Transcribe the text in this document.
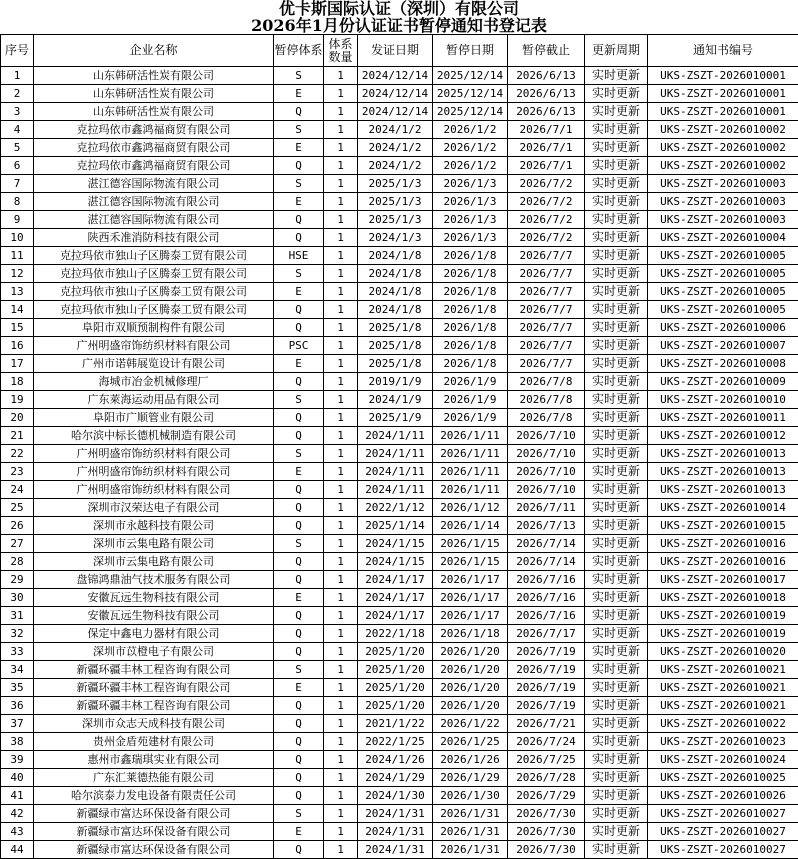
优卡斯国际认证（深圳）有限公司
2026年1月份认证证书暂停通知书登记表
序号	企业名称	暂停体系	体系数量	发证日期	暂停日期	暂停截止	更新周期	通知书编号
1	山东韩研活性炭有限公司	S	1	2024/12/14	2025/12/14	2026/6/13	实时更新	UKS-ZSZT-2026010001
2	山东韩研活性炭有限公司	E	1	2024/12/14	2025/12/14	2026/6/13	实时更新	UKS-ZSZT-2026010001
3	山东韩研活性炭有限公司	Q	1	2024/12/14	2025/12/14	2026/6/13	实时更新	UKS-ZSZT-2026010001
4	克拉玛依市鑫鸿福商贸有限公司	S	1	2024/1/2	2026/1/2	2026/7/1	实时更新	UKS-ZSZT-2026010002
5	克拉玛依市鑫鸿福商贸有限公司	E	1	2024/1/2	2026/1/2	2026/7/1	实时更新	UKS-ZSZT-2026010002
6	克拉玛依市鑫鸿福商贸有限公司	Q	1	2024/1/2	2026/1/2	2026/7/1	实时更新	UKS-ZSZT-2026010002
7	湛江德容国际物流有限公司	S	1	2025/1/3	2026/1/3	2026/7/2	实时更新	UKS-ZSZT-2026010003
8	湛江德容国际物流有限公司	E	1	2025/1/3	2026/1/3	2026/7/2	实时更新	UKS-ZSZT-2026010003
9	湛江德容国际物流有限公司	Q	1	2025/1/3	2026/1/3	2026/7/2	实时更新	UKS-ZSZT-2026010003
10	陕西禾准消防科技有限公司	Q	1	2024/1/3	2026/1/3	2026/7/2	实时更新	UKS-ZSZT-2026010004
11	克拉玛依市独山子区腾泰工贸有限公司	HSE	1	2024/1/8	2026/1/8	2026/7/7	实时更新	UKS-ZSZT-2026010005
12	克拉玛依市独山子区腾泰工贸有限公司	S	1	2024/1/8	2026/1/8	2026/7/7	实时更新	UKS-ZSZT-2026010005
13	克拉玛依市独山子区腾泰工贸有限公司	E	1	2024/1/8	2026/1/8	2026/7/7	实时更新	UKS-ZSZT-2026010005
14	克拉玛依市独山子区腾泰工贸有限公司	Q	1	2024/1/8	2026/1/8	2026/7/7	实时更新	UKS-ZSZT-2026010005
15	阜阳市双顺预制构件有限公司	Q	1	2025/1/8	2026/1/8	2026/7/7	实时更新	UKS-ZSZT-2026010006
16	广州明盛帘饰纺织材料有限公司	PSC	1	2025/1/8	2026/1/8	2026/7/7	实时更新	UKS-ZSZT-2026010007
17	广州市诺韩展览设计有限公司	E	1	2025/1/8	2026/1/8	2026/7/7	实时更新	UKS-ZSZT-2026010008
18	海城市冶金机械修理厂	Q	1	2019/1/9	2026/1/9	2026/7/8	实时更新	UKS-ZSZT-2026010009
19	广东萊海运动用品有限公司	S	1	2024/1/9	2026/1/9	2026/7/8	实时更新	UKS-ZSZT-2026010010
20	阜阳市广顺管业有限公司	Q	1	2025/1/9	2026/1/9	2026/7/8	实时更新	UKS-ZSZT-2026010011
21	哈尔滨中标长德机械制造有限公司	Q	1	2024/1/11	2026/1/11	2026/7/10	实时更新	UKS-ZSZT-2026010012
22	广州明盛帘饰纺织材料有限公司	S	1	2024/1/11	2026/1/11	2026/7/10	实时更新	UKS-ZSZT-2026010013
23	广州明盛帘饰纺织材料有限公司	E	1	2024/1/11	2026/1/11	2026/7/10	实时更新	UKS-ZSZT-2026010013
24	广州明盛帘饰纺织材料有限公司	Q	1	2024/1/11	2026/1/11	2026/7/10	实时更新	UKS-ZSZT-2026010013
25	深圳市汉荣达电子有限公司	Q	1	2022/1/12	2026/1/12	2026/7/11	实时更新	UKS-ZSZT-2026010014
26	深圳市永越科技有限公司	Q	1	2025/1/14	2026/1/14	2026/7/13	实时更新	UKS-ZSZT-2026010015
27	深圳市云集电路有限公司	S	1	2024/1/15	2026/1/15	2026/7/14	实时更新	UKS-ZSZT-2026010016
28	深圳市云集电路有限公司	Q	1	2024/1/15	2026/1/15	2026/7/14	实时更新	UKS-ZSZT-2026010016
29	盘锦鸿鼎油气技术服务有限公司	Q	1	2024/1/17	2026/1/17	2026/7/16	实时更新	UKS-ZSZT-2026010017
30	安徽瓦远生物科技有限公司	E	1	2024/1/17	2026/1/17	2026/7/16	实时更新	UKS-ZSZT-2026010018
31	安徽瓦远生物科技有限公司	Q	1	2024/1/17	2026/1/17	2026/7/16	实时更新	UKS-ZSZT-2026010019
32	保定中鑫电力器材有限公司	Q	1	2022/1/18	2026/1/18	2026/7/17	实时更新	UKS-ZSZT-2026010019
33	深圳市苡橙电子有限公司	Q	1	2025/1/20	2026/1/20	2026/7/19	实时更新	UKS-ZSZT-2026010020
34	新疆环疆丰林工程咨询有限公司	S	1	2025/1/20	2026/1/20	2026/7/19	实时更新	UKS-ZSZT-2026010021
35	新疆环疆丰林工程咨询有限公司	E	1	2025/1/20	2026/1/20	2026/7/19	实时更新	UKS-ZSZT-2026010021
36	新疆环疆丰林工程咨询有限公司	Q	1	2025/1/20	2026/1/20	2026/7/19	实时更新	UKS-ZSZT-2026010021
37	深圳市众志天成科技有限公司	Q	1	2021/1/22	2026/1/22	2026/7/21	实时更新	UKS-ZSZT-2026010022
38	贵州金盾苑建材有限公司	Q	1	2022/1/25	2026/1/25	2026/7/24	实时更新	UKS-ZSZT-2026010023
39	惠州市鑫瑞琪实业有限公司	Q	1	2024/1/26	2026/1/26	2026/7/25	实时更新	UKS-ZSZT-2026010024
40	广东汇莱德热能有限公司	Q	1	2024/1/29	2026/1/29	2026/7/28	实时更新	UKS-ZSZT-2026010025
41	哈尔滨泰力发电设备有限责任公司	Q	1	2024/1/30	2026/1/30	2026/7/29	实时更新	UKS-ZSZT-2026010026
42	新疆绿市富达环保设备有限公司	S	1	2024/1/31	2026/1/31	2026/7/30	实时更新	UKS-ZSZT-2026010027
43	新疆绿市富达环保设备有限公司	E	1	2024/1/31	2026/1/31	2026/7/30	实时更新	UKS-ZSZT-2026010027
44	新疆绿市富达环保设备有限公司	Q	1	2024/1/31	2026/1/31	2026/7/30	实时更新	UKS-ZSZT-2026010027
